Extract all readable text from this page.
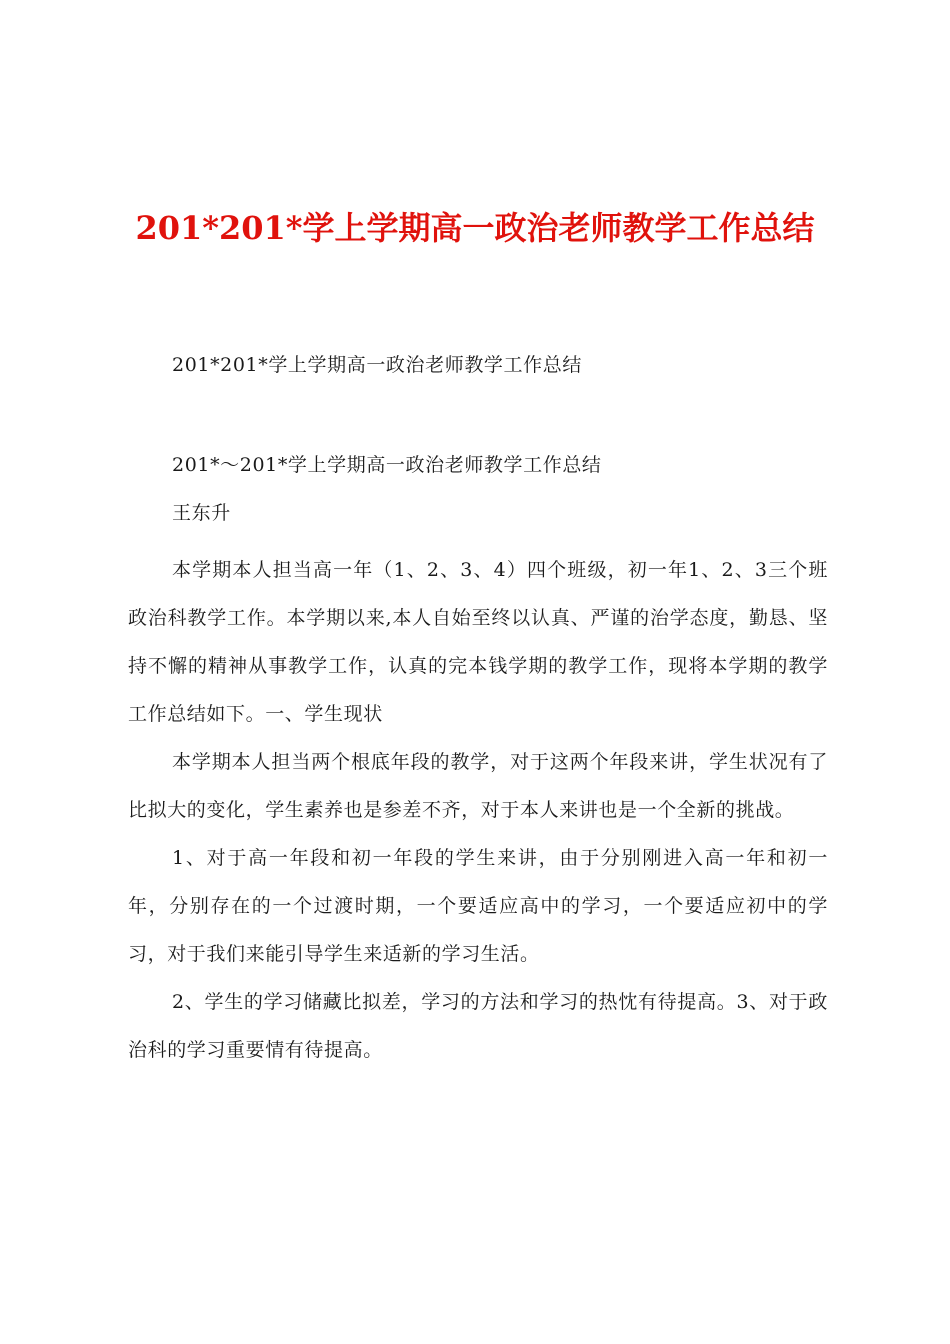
201*201*学上学期高一政治老师教学工作总结

201*201*学上学期高一政治老师教学工作总结

201*～201*学上学期高一政治老师教学工作总结

王东升

本学期本人担当高一年（1、2、3、4）四个班级，初一年1、2、3三个班政治科教学工作。本学期以来,本人自始至终以认真、严谨的治学态度，勤恳、坚持不懈的精神从事教学工作，认真的完本钱学期的教学工作，现将本学期的教学工作总结如下。一、学生现状

本学期本人担当两个根底年段的教学，对于这两个年段来讲，学生状况有了比拟大的变化，学生素养也是参差不齐，对于本人来讲也是一个全新的挑战。

1、对于高一年段和初一年段的学生来讲，由于分别刚进入高一年和初一年，分别存在的一个过渡时期，一个要适应高中的学习，一个要适应初中的学习，对于我们来能引导学生来适新的学习生活。

2、学生的学习储藏比拟差，学习的方法和学习的热忱有待提高。3、对于政治科的学习重要情有待提高。
